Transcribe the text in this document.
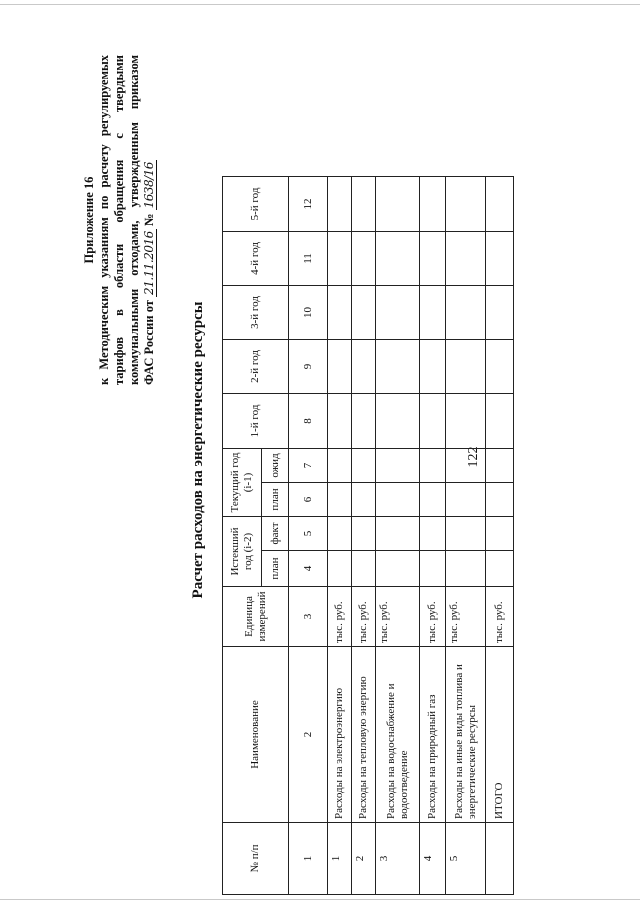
122
Приложение 16 к Методическим указаниям по расчету регулируемых тарифов в области обращения с твердыми коммунальными отходами, утвержденным приказом ФАС России от 21.11.2016 № 1638/16
Расчет расходов на энергетические ресурсы
№ п/п	Наименование	Единица измерений	Истекший год (i-2)		Текущий год (i-1)		1-й год	2-й год	3-й год	4-й год	5-й год
			план	факт	план	ожид					
1	2	3	4	5	6	7	8	9	10	11	12
1	Расходы на электроэнергию	тыс. руб.									
2	Расходы на тепловую энергию	тыс. руб.									
3	Расходы на водоснабжение и водоотведение	тыс. руб.									
4	Расходы на природный газ	тыс. руб.									
5	Расходы на иные виды топлива и энергетические ресурсы	тыс. руб.									
	ИТОГО	тыс. руб.									
